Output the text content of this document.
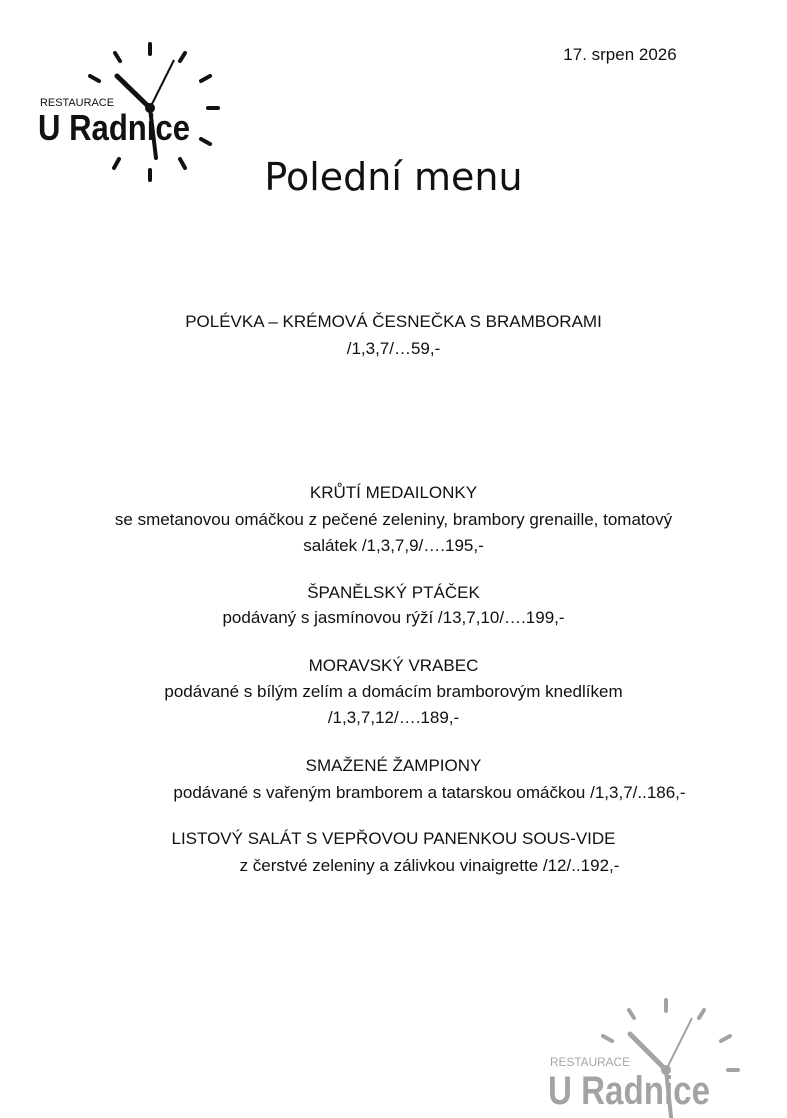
RESTAURACE
U Radnice
17. srpen 2026
Polední menu
POLÉVKA – KRÉMOVÁ ČESNEČKA S BRAMBORAMI
/1,3,7/…59,-
KRŮTÍ MEDAILONKY
se smetanovou omáčkou z pečené zeleniny, brambory grenaille, tomatový
salátek /1,3,7,9/….195,-
ŠPANĚLSKÝ PTÁČEK
podávaný s jasmínovou rýží /13,7,10/….199,-
MORAVSKÝ VRABEC
podávané s bílým zelím a domácím bramborovým knedlíkem
/1,3,7,12/….189,-
SMAŽENÉ ŽAMPIONY
podávané s vařeným bramborem a tatarskou omáčkou /1,3,7/..186,-
LISTOVÝ SALÁT S VEPŘOVOU PANENKOU SOUS-VIDE
z čerstvé zeleniny a zálivkou vinaigrette /12/..192,-
RESTAURACE
U Radnice
